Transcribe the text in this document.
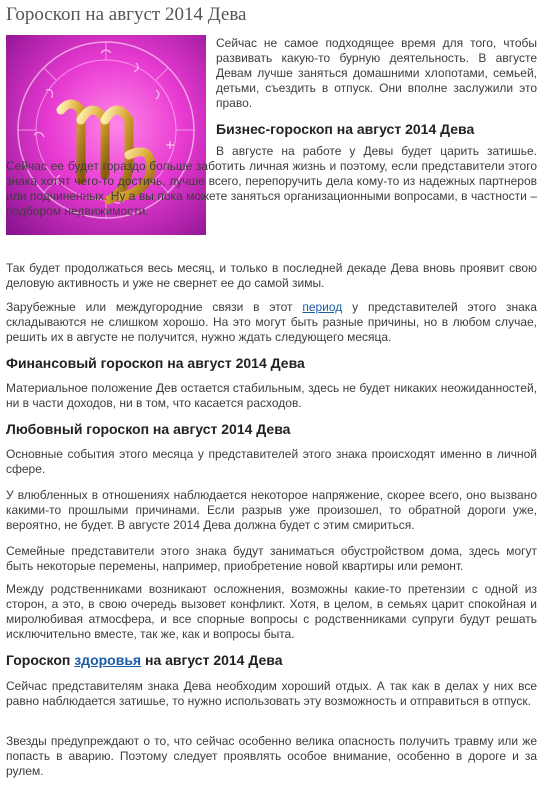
Гороскоп на август 2014 Дева

Сейчас не самое подходящее время для того, чтобы развивать какую-то бурную деятельность. В августе Девам лучше заняться домашними хлопотами, семьей, детьми, съездить в отпуск. Они вполне заслужили это право.

Бизнес-гороскоп на август 2014 Дева

В августе на работе у Девы будет царить затишье. Сейчас ее будет гораздо больше заботить личная жизнь и поэтому, если представители этого знака хотят чего-то достичь, лучше всего, перепоручить дела кому-то из надежных партнеров или подчиненных. Ну а вы пока можете заняться организационными вопросами, в частности – подбором недвижимости.

Так будет продолжаться весь месяц, и только в последней декаде Дева вновь проявит свою деловую активность и уже не свернет ее до самой зимы.

Зарубежные или междугородние связи в этот период у представителей этого знака складываются не слишком хорошо. На это могут быть разные причины, но в любом случае, решить их в августе не получится, нужно ждать следующего месяца.

Финансовый гороскоп на август 2014 Дева

Материальное положение Дев остается стабильным, здесь не будет никаких неожиданностей, ни в части доходов, ни в том, что касается расходов.

Любовный гороскоп на август 2014 Дева

Основные события этого месяца у представителей этого знака происходят именно в личной сфере.

У влюбленных в отношениях наблюдается некоторое напряжение, скорее всего, оно вызвано какими-то прошлыми причинами. Если разрыв уже произошел, то обратной дороги уже, вероятно, не будет. В августе 2014 Дева должна будет с этим смириться.

Семейные представители этого знака будут заниматься обустройством дома, здесь могут быть некоторые перемены, например, приобретение новой квартиры или ремонт.

Между родственниками возникают осложнения, возможны какие-то претензии с одной из сторон, а это, в свою очередь вызовет конфликт. Хотя, в целом, в семьях царит спокойная и миролюбивая атмосфера, и все спорные вопросы с родственниками супруги будут решать исключительно вместе, так же, как и вопросы быта.

Гороскоп здоровья на август 2014 Дева

Сейчас представителям знака Дева необходим хороший отдых. А так как в делах у них все равно наблюдается затишье, то нужно использовать эту возможность и отправиться в отпуск.

Звезды предупреждают о то, что сейчас особенно велика опасность получить травму или же попасть в аварию. Поэтому следует проявлять особое внимание, особенно в дороге и за рулем.
